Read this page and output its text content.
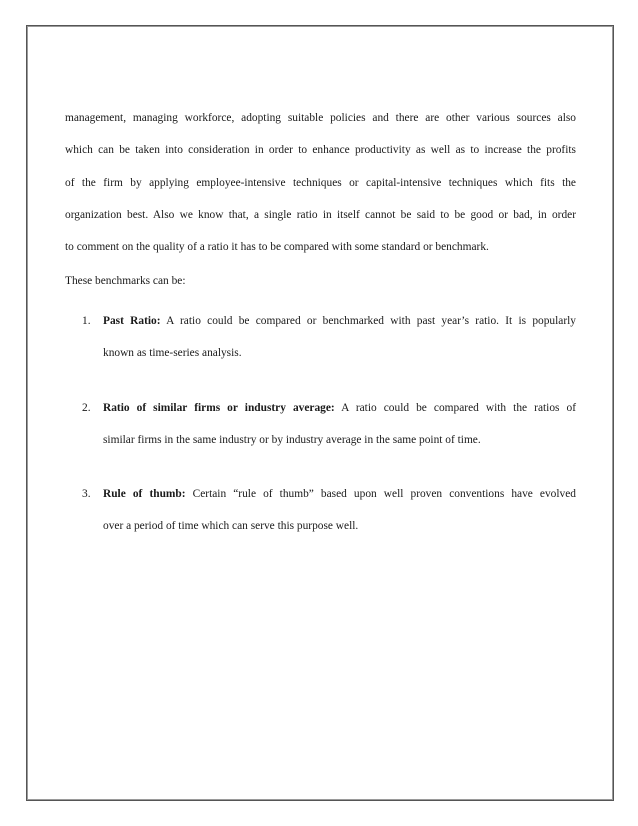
management, managing workforce, adopting suitable policies and there are other various sources also

which can be taken into consideration in order to enhance productivity as well as to increase the profits

of the firm by applying employee-intensive techniques or capital-intensive techniques which fits the

organization best. Also we know that, a single ratio in itself cannot be said to be good or bad, in order

to comment on the quality of a ratio it has to be compared with some standard or benchmark.

These benchmarks can be:

1. Past Ratio: A ratio could be compared or benchmarked with past year’s ratio. It is popularly

known as time-series analysis.

2. Ratio of similar firms or industry average: A ratio could be compared with the ratios of

similar firms in the same industry or by industry average in the same point of time.

3. Rule of thumb: Certain “rule of thumb” based upon well proven conventions have evolved

over a period of time which can serve this purpose well.
